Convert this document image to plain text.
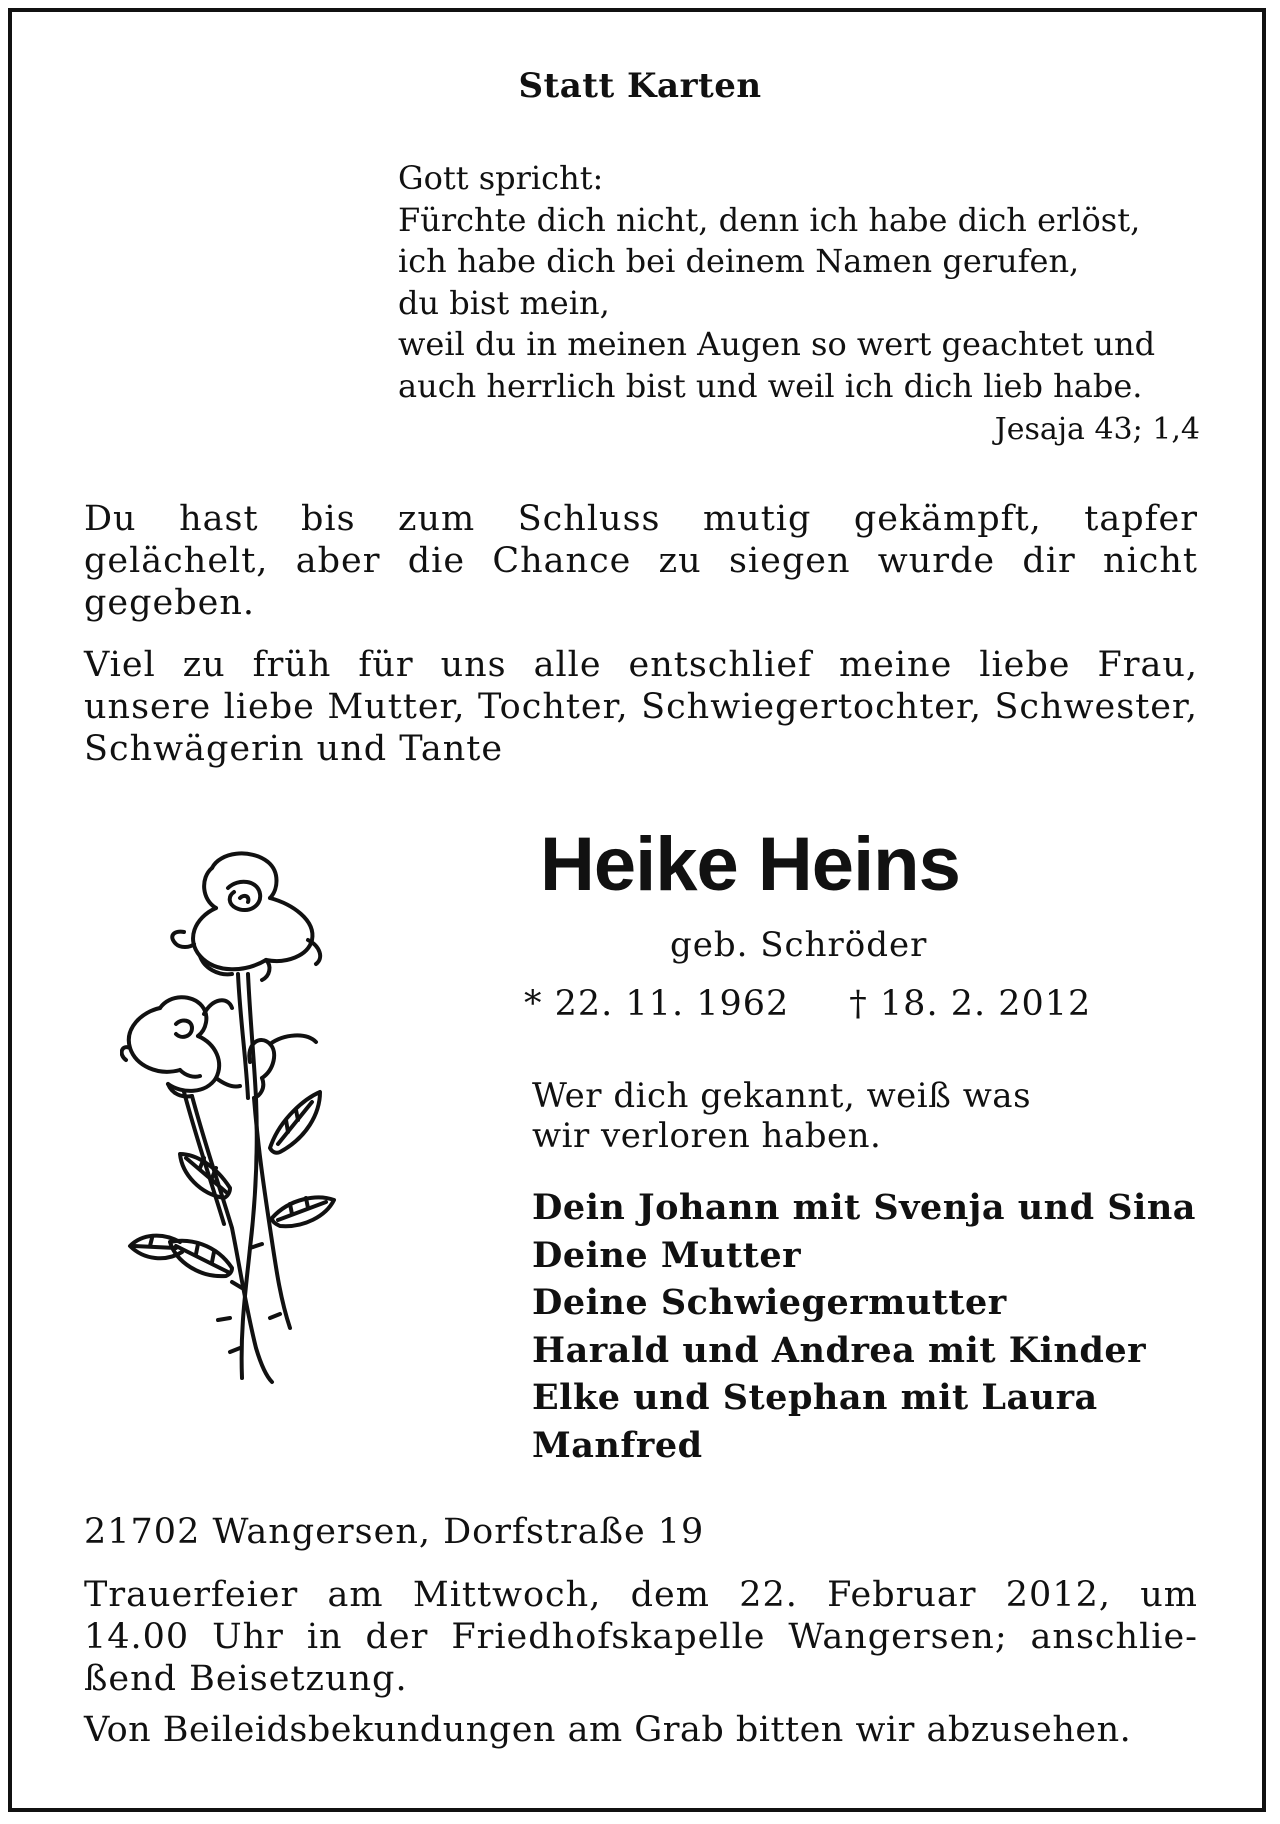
Statt Karten
Gott spricht:
Fürchte dich nicht, denn ich habe dich erlöst,
ich habe dich bei deinem Namen gerufen,
du bist mein,
weil du in meinen Augen so wert geachtet und
auch herrlich bist und weil ich dich lieb habe.
Jesaja 43; 1,4
Du hast bis zum Schluss mutig gekämpft, tapfer
gelächelt, aber die Chance zu siegen wurde dir nicht
gegeben.
Viel zu früh für uns alle entschlief meine liebe Frau,
unsere liebe Mutter, Tochter, Schwiegertochter, Schwester,
Schwägerin und Tante
Heike Heins
geb. Schröder
* 22. 11. 1962 † 18. 2. 2012
Wer dich gekannt, weiß was
wir verloren haben.
Dein Johann mit Svenja und Sina
Deine Mutter
Deine Schwiegermutter
Harald und Andrea mit Kinder
Elke und Stephan mit Laura
Manfred
21702 Wangersen, Dorfstraße 19
Trauerfeier am Mittwoch, dem 22. Februar 2012, um
14.00 Uhr in der Friedhofskapelle Wangersen; anschlie-
ßend Beisetzung.
Von Beileidsbekundungen am Grab bitten wir abzusehen.
